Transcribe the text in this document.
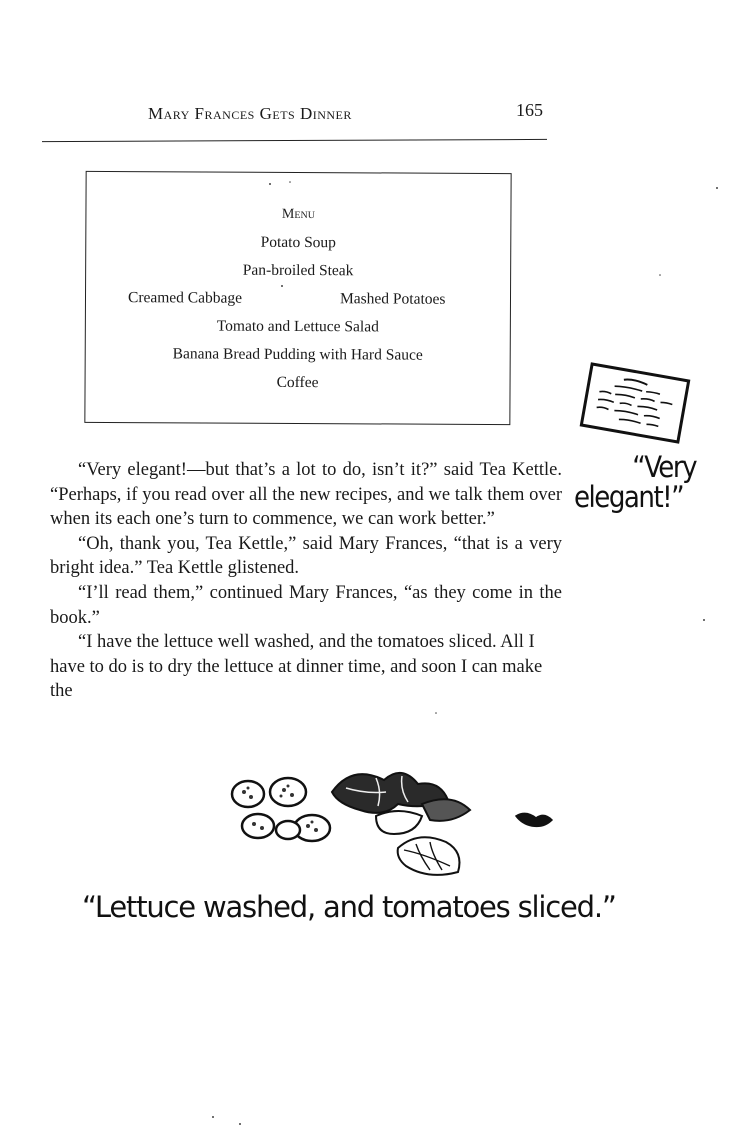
Mary Frances Gets Dinner	165
Menu
Potato Soup
Pan-broiled Steak
Creamed Cabbage	Mashed Potatoes
Tomato and Lettuce Salad
Banana Bread Pudding with Hard Sauce
Coffee

“Very elegant!—but that’s a lot to do, isn’t it?” said Tea Kettle. “Perhaps, if you read over all the new recipes, and we talk them over when its each one’s turn to commence, we can work better.”

“Oh, thank you, Tea Kettle,” said Mary Frances, “that is a very bright idea.” Tea Kettle glistened.

“I’ll read them,” continued Mary Frances, “as they come in the book.”

“I have the lettuce well washed, and the tomatoes sliced. All I have to do is to dry the lettuce at dinner time, and soon I can make the

“Very
elegant!”
“Lettuce washed, and tomatoes sliced.”
